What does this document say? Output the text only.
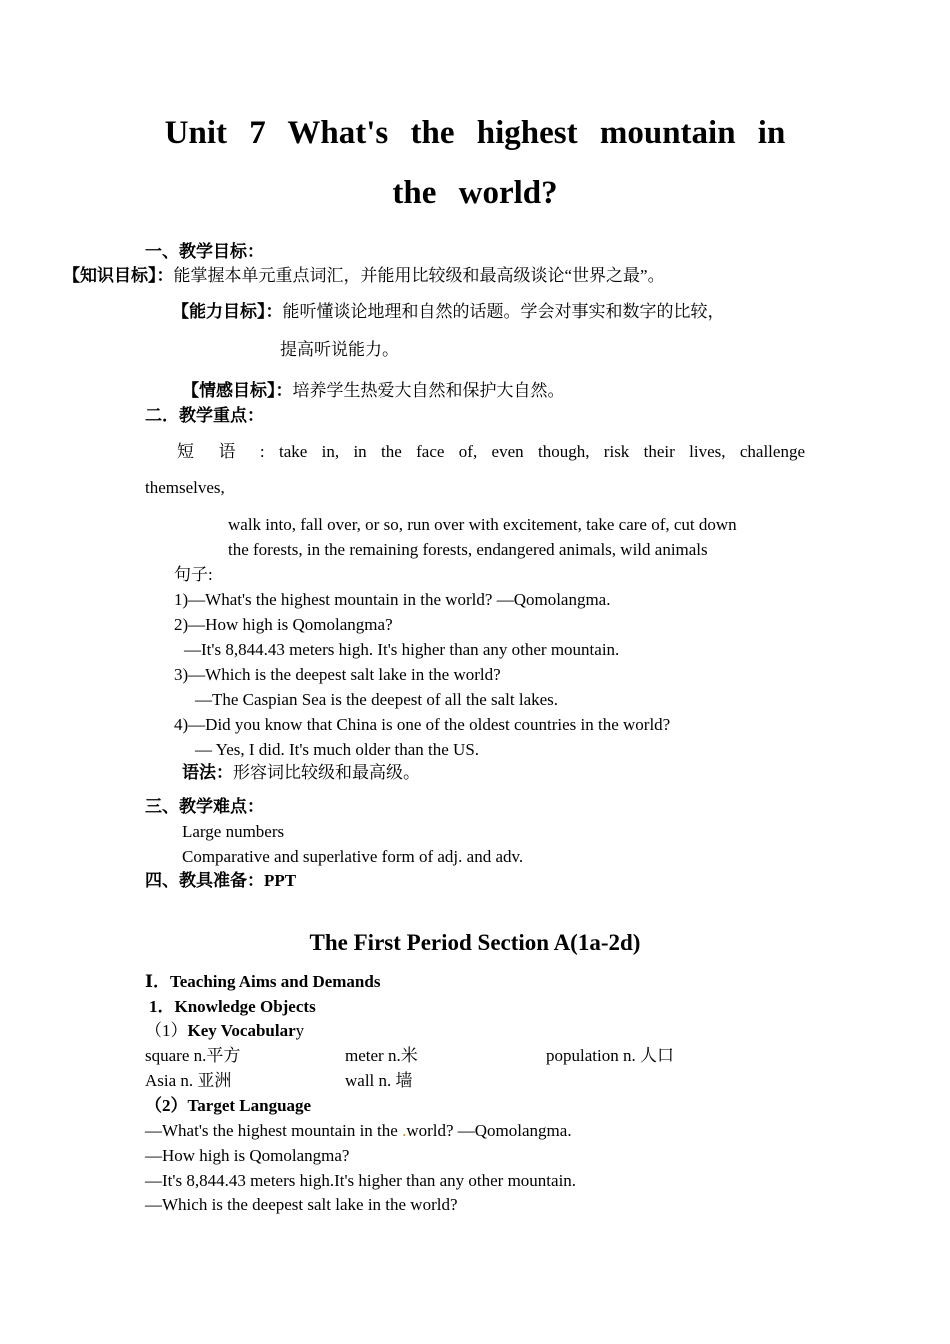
Unit 7 What's the highest mountain in
the world?
一、教学目标：
【知识目标】：能掌握本单元重点词汇，并能用比较级和最高级谈论“世界之最”。
【能力目标】：能听懂谈论地理和自然的话题。学会对事实和数字的比较，
提高听说能力。
【情感目标】：培养学生热爱大自然和保护大自然。
二．教学重点：
短 语 : take in, in the face of, even though, risk their lives, challenge
themselves,
walk into, fall over, or so, run over with excitement, take care of, cut down
the forests, in the remaining forests, endangered animals, wild animals
句子:
1)—What's the highest mountain in the world? —Qomolangma.
2)—How high is Qomolangma?
—It's 8,844.43 meters high. It's higher than any other mountain.
3)—Which is the deepest salt lake in the world?
—The Caspian Sea is the deepest of all the salt lakes.
4)—Did you know that China is one of the oldest countries in the world?
— Yes, I did. It's much older than the US.
语法：形容词比较级和最高级。
三、教学难点：
Large numbers
Comparative and superlative form of adj. and adv.
四、教具准备：PPT
The First Period Section A(1a-2d)
Ⅰ．Teaching Aims and Demands
1．Knowledge Objects
（1）Key Vocabulary
square n.平方	meter n.米	population n. 人口
Asia n. 亚洲	wall n. 墙
（2）Target Language
—What's the highest mountain in the .world? —Qomolangma.
—How high is Qomolangma?
—It's 8,844.43 meters high.It's higher than any other mountain.
—Which is the deepest salt lake in the world?
